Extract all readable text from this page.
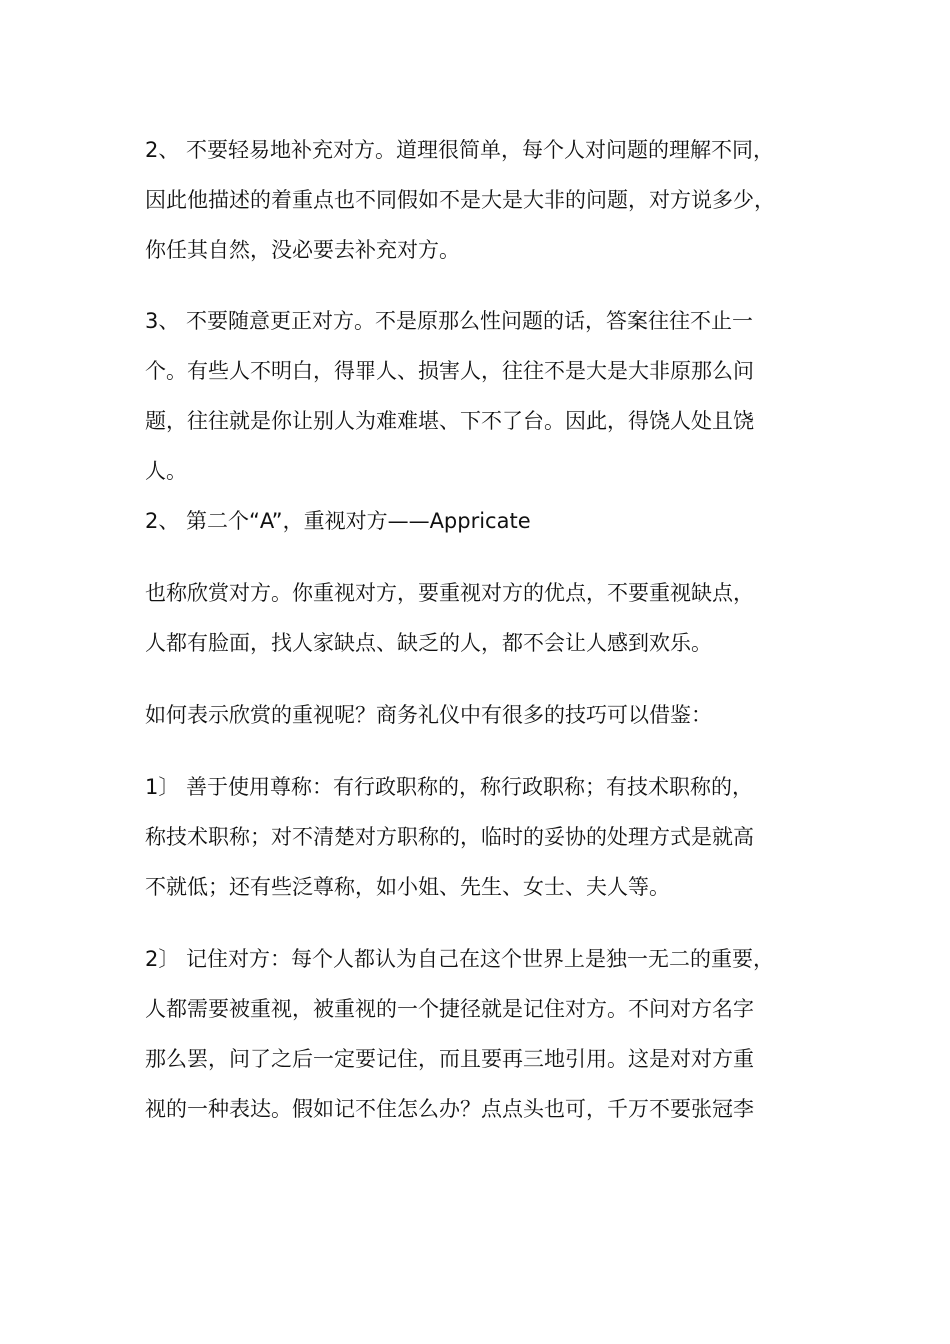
2、 不要轻易地补充对方。道理很简单，每个人对问题的理解不同，
因此他描述的着重点也不同假如不是大是大非的问题，对方说多少，
你任其自然，没必要去补充对方。
3、 不要随意更正对方。不是原那么性问题的话，答案往往不止一
个。有些人不明白，得罪人、损害人，往往不是大是大非原那么问
题，往往就是你让别人为难难堪、下不了台。因此，得饶人处且饶
人。
2、 第二个“A”，重视对方——Appricate
也称欣赏对方。你重视对方，要重视对方的优点，不要重视缺点，
人都有脸面，找人家缺点、缺乏的人，都不会让人感到欢乐。
如何表示欣赏的重视呢？商务礼仪中有很多的技巧可以借鉴：
1〕 善于使用尊称：有行政职称的，称行政职称；有技术职称的，
称技术职称；对不清楚对方职称的，临时的妥协的处理方式是就高
不就低；还有些泛尊称，如小姐、先生、女士、夫人等。
2〕 记住对方：每个人都认为自己在这个世界上是独一无二的重要，
人都需要被重视，被重视的一个捷径就是记住对方。不问对方名字
那么罢，问了之后一定要记住，而且要再三地引用。这是对对方重
视的一种表达。假如记不住怎么办？点点头也可，千万不要张冠李
